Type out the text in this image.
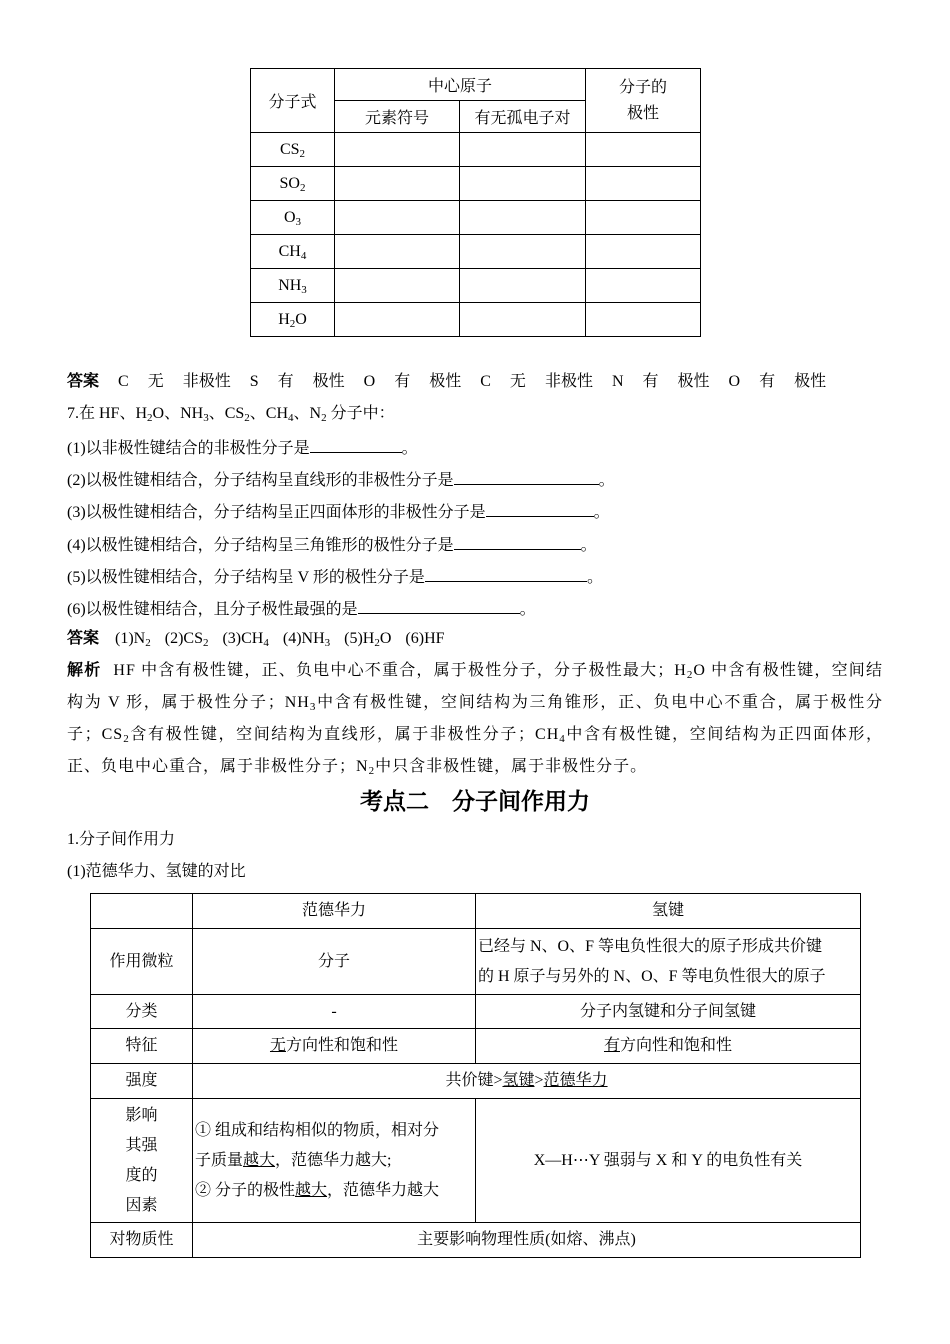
分子式	中心原子		分子的
极性
	元素符号	有无孤电子对	
$CS_2$			
$SO_2$			
$O_3$			
$CH_4$			
$NH_3$			
$H_2O$			
答案 C 无 非极性 S 有 极性 O 有 极性 C 无 非极性 N 有 极性 O 有 极性
7.在 HF、$H_2O$、$NH_3$、$CS_2$、$CH_4$、$N_2$ 分子中：
(1)以非极性键结合的非极性分子是	。
(2)以极性键相结合，分子结构呈直线形的非极性分子是	。
(3)以极性键相结合，分子结构呈正四面体形的非极性分子是	。
(4)以极性键相结合，分子结构呈三角锥形的极性分子是	。
(5)以极性键相结合，分子结构呈 V 形的极性分子是	。
(6)以极性键相结合，且分子极性最强的是	。
答案 $(1)N_2$ $(2)CS_2$ $(3)CH_4$ $(4)NH_3$ $(5)H_2O$ (6)HF
解析 HF 中含有极性键，正、负电中心不重合，属于极性分子，分子极性最大；$H_2O$ 中含有极性键，空间结构为 V 形，属于极性分子；$NH_3$中含有极性键，空间结构为三角锥形，正、负电中心不重合，属于极性分子；$CS_2$含有极性键，空间结构为直线形，属于非极性分子；$CH_4$中含有极性键，空间结构为正四面体形，正、负电中心重合，属于非极性分子；$N_2$中只含非极性键，属于非极性分子。
考点二　分子间作用力
1.分子间作用力
(1)范德华力、氢键的对比
	范德华力	氢键
作用微粒	分子	已经与 N、O、F 等电负性很大的原子形成共价键
的 H 原子与另外的 N、O、F 等电负性很大的原子
分类	-	分子内氢键和分子间氢键
特征	无方向性和饱和性	有方向性和饱和性
强度	共价键>氢键>范德华力	
影响
其强
度的
因素	① 组成和结构相似的物质，相对分
子质量越大，范德华力越大;
② 分子的极性越大，范德华力越大	X—H⋯Y 强弱与 X 和 Y 的电负性有关
对物质性	主要影响物理性质(如熔、沸点)	
